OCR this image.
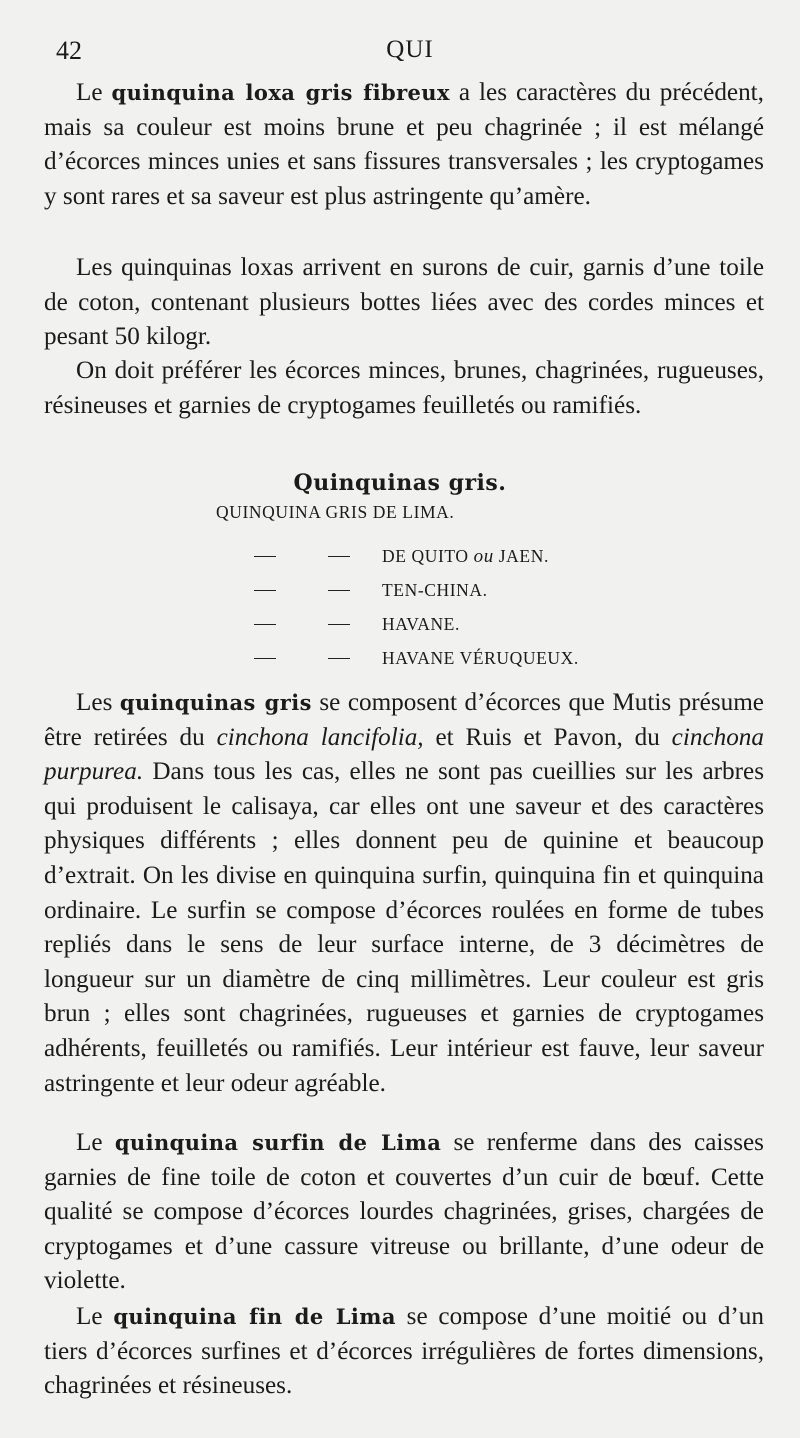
42	QUI

Le quinquina loxa gris fibreux a les caractères du précédent, mais sa couleur est moins brune et peu chagrinée ; il est mélangé d’écorces minces unies et sans fissures transversales ; les cryptogames y sont rares et sa saveur est plus astringente qu’amère.

Les quinquinas loxas arrivent en surons de cuir, garnis d’une toile de coton, contenant plusieurs bottes liées avec des cordes minces et pesant 50 kilogr.

On doit préférer les écorces minces, brunes, chagrinées, rugueuses, résineuses et garnies de cryptogames feuilletés ou ramifiés.

Quinquinas gris.
QUINQUINA GRIS DE LIMA.
DE QUITO ou JAEN.
TEN-CHINA.
HAVANE.
HAVANE VÉRUQUEUX.

Les quinquinas gris se composent d’écorces que Mutis présume être retirées du cinchona lancifolia, et Ruis et Pavon, du cinchona purpurea. Dans tous les cas, elles ne sont pas cueillies sur les arbres qui produisent le calisaya, car elles ont une saveur et des caractères physiques différents ; elles donnent peu de quinine et beaucoup d’extrait. On les divise en quinquina surfin, quinquina fin et quinquina ordinaire. Le surfin se compose d’écorces roulées en forme de tubes repliés dans le sens de leur surface interne, de 3 décimètres de longueur sur un diamètre de cinq millimètres. Leur couleur est gris brun ; elles sont chagrinées, rugueuses et garnies de cryptogames adhérents, feuilletés ou ramifiés. Leur intérieur est fauve, leur saveur astringente et leur odeur agréable.

Le quinquina surfin de Lima se renferme dans des caisses garnies de fine toile de coton et couvertes d’un cuir de bœuf. Cette qualité se compose d’écorces lourdes chagrinées, grises, chargées de cryptogames et d’une cassure vitreuse ou brillante, d’une odeur de violette.

Le quinquina fin de Lima se compose d’une moitié ou d’un tiers d’écorces surfines et d’écorces irrégulières de fortes dimensions, chagrinées et résineuses.
